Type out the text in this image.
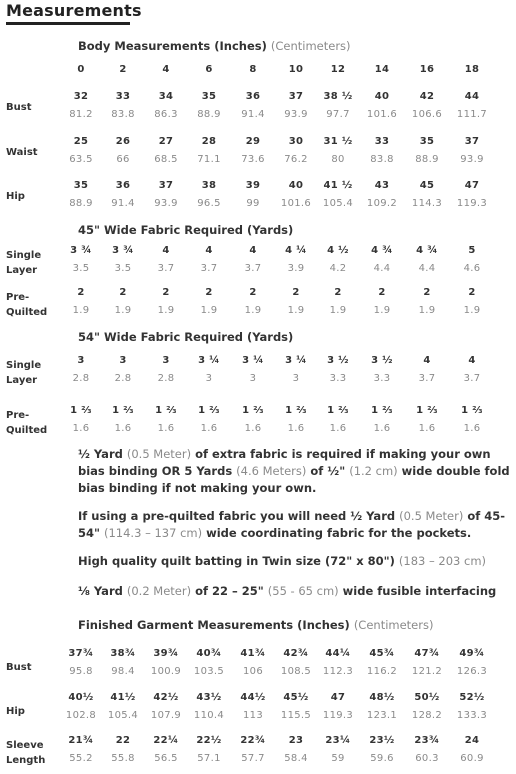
Measurements
Body Measurements (Inches) (Centimeters)
0	2	4	6	8	10	12	14	16	18
Bust
32	33	34	35	36	37	38 ½	40	42	44
81.2	83.8	86.3	88.9	91.4	93.9	97.7	101.6	106.6	111.7
Waist
25	26	27	28	29	30	31 ½	33	35	37
63.5	66	68.5	71.1	73.6	76.2	80	83.8	88.9	93.9
Hip
35	36	37	38	39	40	41 ½	43	45	47
88.9	91.4	93.9	96.5	99	101.6	105.4	109.2	114.3	119.3
45" Wide Fabric Required (Yards)
Single
Layer
3 ¾	3 ¾	4	4	4	4 ¼	4 ½	4 ¾	4 ¾	5
3.5	3.5	3.7	3.7	3.7	3.9	4.2	4.4	4.4	4.6
Pre-
Quilted
2	2	2	2	2	2	2	2	2	2
1.9	1.9	1.9	1.9	1.9	1.9	1.9	1.9	1.9	1.9
54" Wide Fabric Required (Yards)
Single
Layer
3	3	3	3 ¼	3 ¼	3 ¼	3 ½	3 ½	4	4
2.8	2.8	2.8	3	3	3	3.3	3.3	3.7	3.7
Pre-
Quilted
1 ⅔	1 ⅔	1 ⅔	1 ⅔	1 ⅔	1 ⅔	1 ⅔	1 ⅔	1 ⅔	1 ⅔
1.6	1.6	1.6	1.6	1.6	1.6	1.6	1.6	1.6	1.6
½ Yard (0.5 Meter) of extra fabric is required if making your own bias binding OR 5 Yards (4.6 Meters) of ½" (1.2 cm) wide double fold bias binding if not making your own.
If using a pre-quilted fabric you will need ½ Yard (0.5 Meter) of 45-54" (114.3 – 137 cm) wide coordinating fabric for the pockets.
High quality quilt batting in Twin size (72" x 80") (183 – 203 cm)
⅛ Yard (0.2 Meter) of 22 – 25" (55 - 65 cm) wide fusible interfacing
Finished Garment Measurements (Inches) (Centimeters)
Bust
37¾	38¾	39¾	40¾	41¾	42¾	44¼	45¾	47¾	49¾
95.8	98.4	100.9	103.5	106	108.5	112.3	116.2	121.2	126.3
Hip
40½	41½	42½	43½	44½	45½	47	48½	50½	52½
102.8	105.4	107.9	110.4	113	115.5	119.3	123.1	128.2	133.3
Sleeve
Length
21¾	22	22¼	22½	22¾	23	23¼	23½	23¾	24
55.2	55.8	56.5	57.1	57.7	58.4	59	59.6	60.3	60.9
